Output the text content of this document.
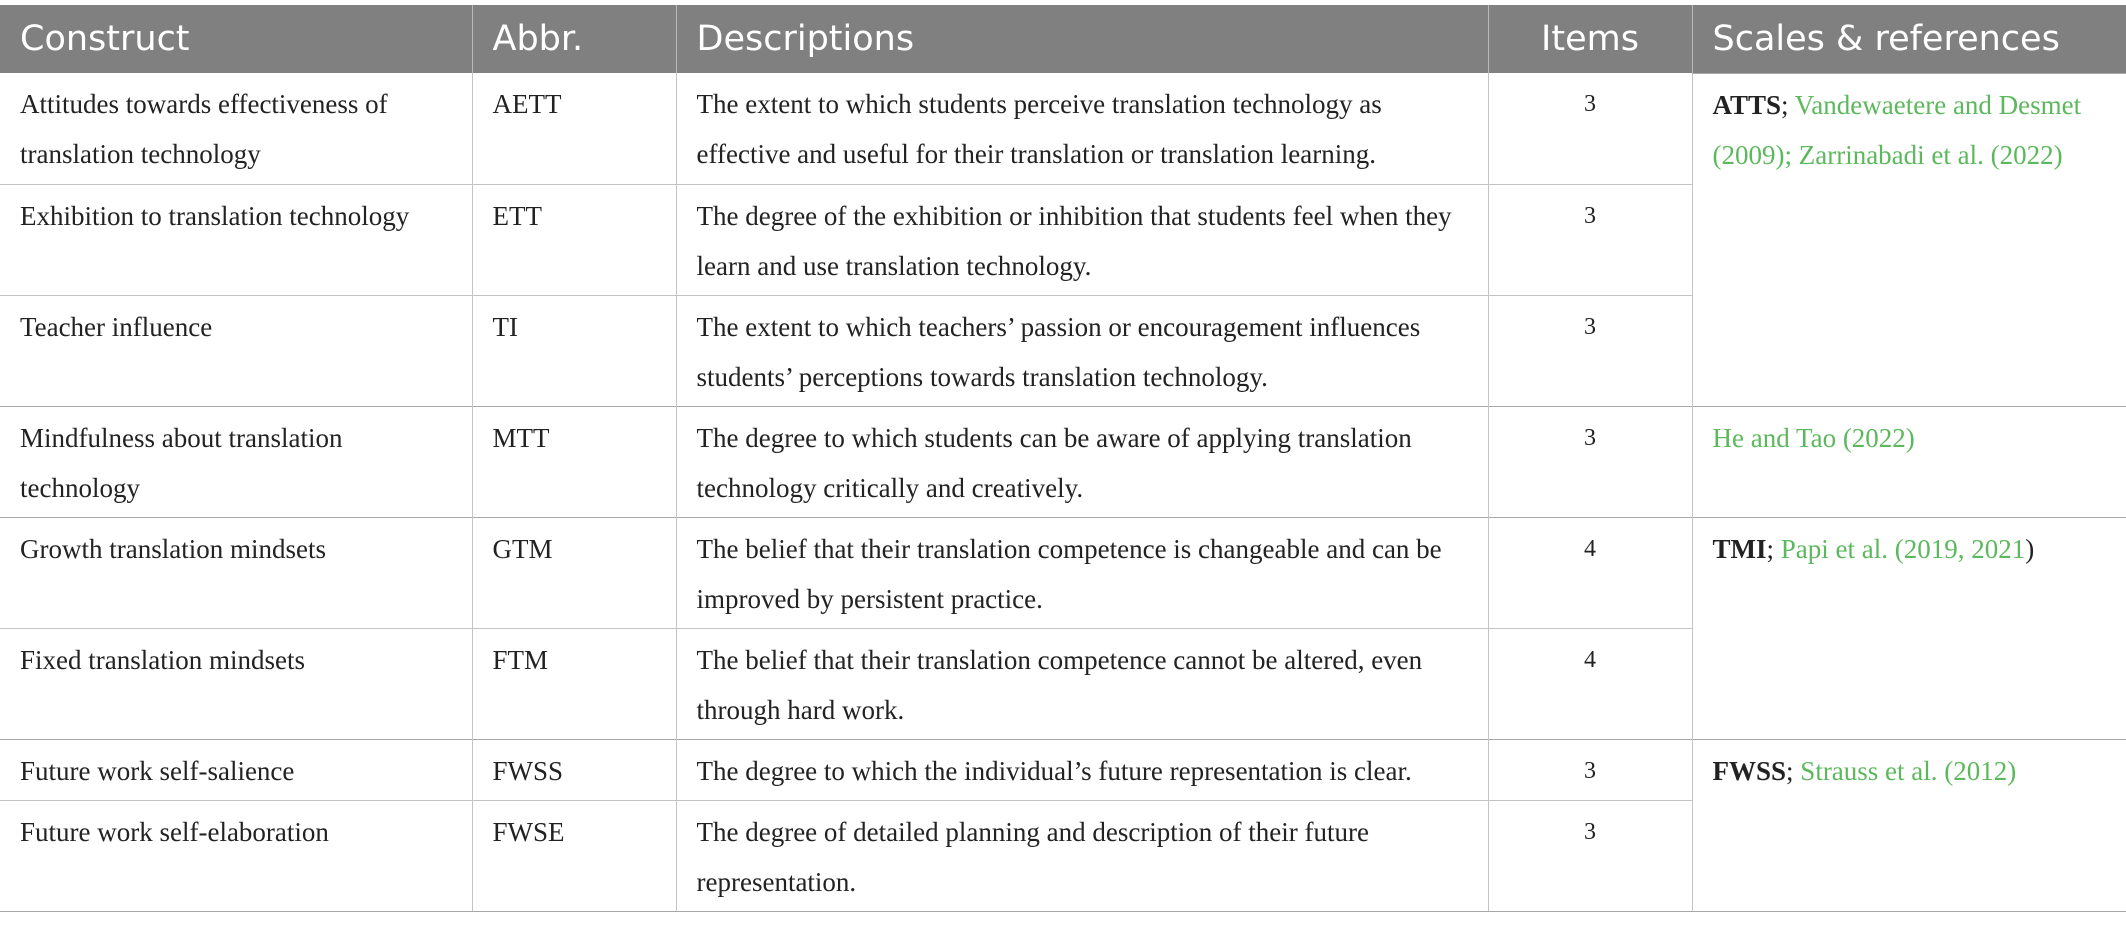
Construct	Abbr.	Descriptions	Items	Scales & references
Attitudes towards effectiveness of translation technology	AETT	The extent to which students perceive translation technology as effective and useful for their translation or translation learning.	3	ATTS; Vandewaetere and Desmet (2009); Zarrinabadi et al. (2022)
Exhibition to translation technology	ETT	The degree of the exhibition or inhibition that students feel when they learn and use translation technology.	3	
Teacher influence	TI	The extent to which teachers’ passion or encouragement influences students’ perceptions towards translation technology.	3	
Mindfulness about translation technology	MTT	The degree to which students can be aware of applying translation technology critically and creatively.	3	He and Tao (2022)
Growth translation mindsets	GTM	The belief that their translation competence is changeable and can be improved by persistent practice.	4	TMI; Papi et al. (2019, 2021)
Fixed translation mindsets	FTM	The belief that their translation competence cannot be altered, even through hard work.	4	
Future work self-salience	FWSS	The degree to which the individual’s future representation is clear.	3	FWSS; Strauss et al. (2012)
Future work self-elaboration	FWSE	The degree of detailed planning and description of their future representation.	3	
